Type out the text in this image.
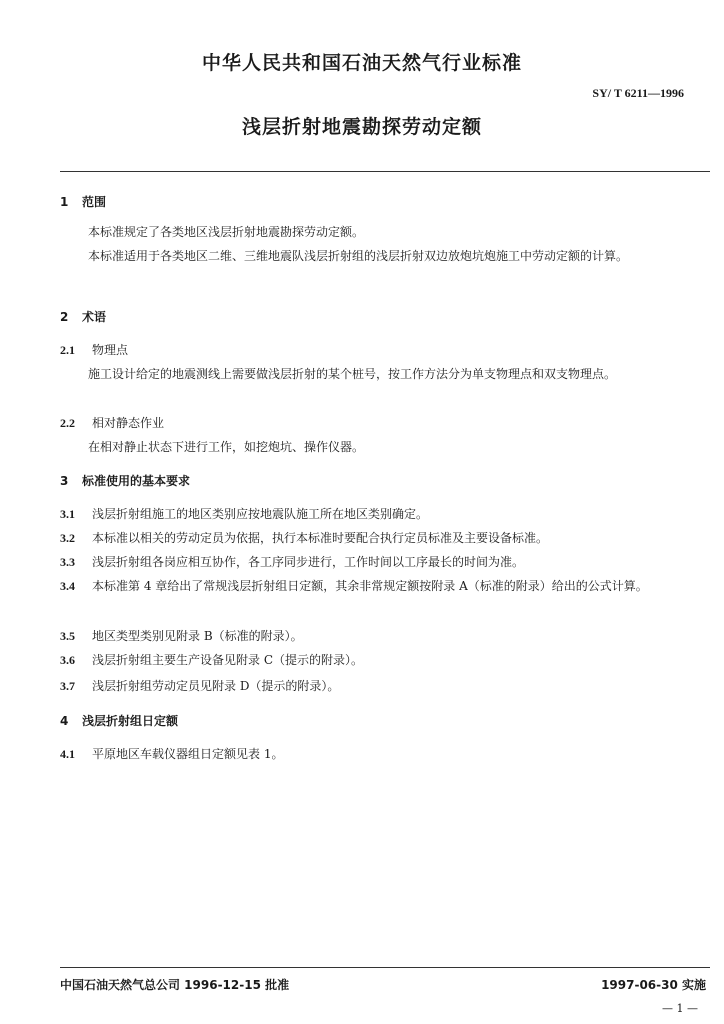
中华人民共和国石油天然气行业标准
SY/ T 6211—1996
浅层折射地震勘探劳动定额
1 范围
本标准规定了各类地区浅层折射地震勘探劳动定额。
本标准适用于各类地区二维、三维地震队浅层折射组的浅层折射双边放炮坑炮施工中劳动定额的计算。
2 术语
2.1 物理点
施工设计给定的地震测线上需要做浅层折射的某个桩号，按工作方法分为单支物理点和双支物理点。
2.2 相对静态作业
在相对静止状态下进行工作，如挖炮坑、操作仪器。
3 标准使用的基本要求
3.1 浅层折射组施工的地区类别应按地震队施工所在地区类别确定。
3.2 本标准以相关的劳动定员为依据，执行本标准时要配合执行定员标准及主要设备标准。
3.3 浅层折射组各岗应相互协作，各工序同步进行，工作时间以工序最长的时间为准。
3.4 本标准第 4 章给出了常规浅层折射组日定额，其余非常规定额按附录 A（标准的附录）给出的公式计算。
3.5 地区类型类别见附录 B（标准的附录）。
3.6 浅层折射组主要生产设备见附录 C（提示的附录）。
3.7 浅层折射组劳动定员见附录 D（提示的附录）。
4 浅层折射组日定额
4.1 平原地区车载仪器组日定额见表 1。
中国石油天然气总公司 1996-12-15 批准	1997-06-30 实施
— 1 —
